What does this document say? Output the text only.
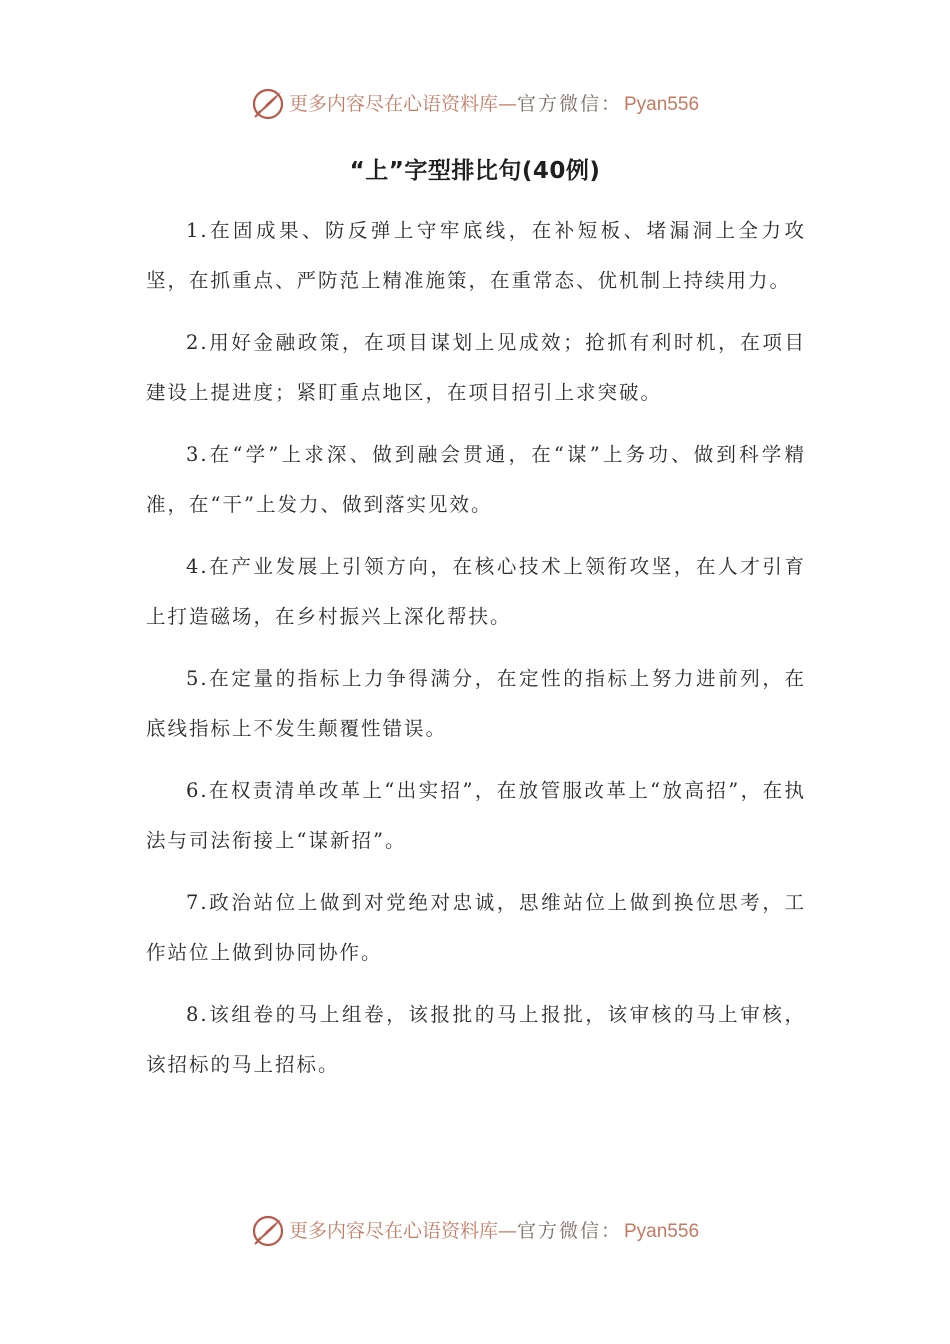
更多内容尽在心语资料库 — 官方微信： Pyan556
“上”字型排比句(40例)

1.在固成果、防反弹上守牢底线，在补短板、堵漏洞上全力攻坚，在抓重点、严防范上精准施策，在重常态、优机制上持续用力。

2.用好金融政策，在项目谋划上见成效；抢抓有利时机，在项目建设上提进度；紧盯重点地区，在项目招引上求突破。

3.在“学”上求深、做到融会贯通，在“谋”上务功、做到科学精准，在“干”上发力、做到落实见效。

4.在产业发展上引领方向，在核心技术上领衔攻坚，在人才引育上打造磁场，在乡村振兴上深化帮扶。

5.在定量的指标上力争得满分，在定性的指标上努力进前列，在底线指标上不发生颠覆性错误。

6.在权责清单改革上“出实招”，在放管服改革上“放高招”，在执法与司法衔接上“谋新招”。

7.政治站位上做到对党绝对忠诚，思维站位上做到换位思考，工作站位上做到协同协作。

8.该组卷的马上组卷，该报批的马上报批，该审核的马上审核，该招标的马上招标。

更多内容尽在心语资料库 — 官方微信： Pyan556
